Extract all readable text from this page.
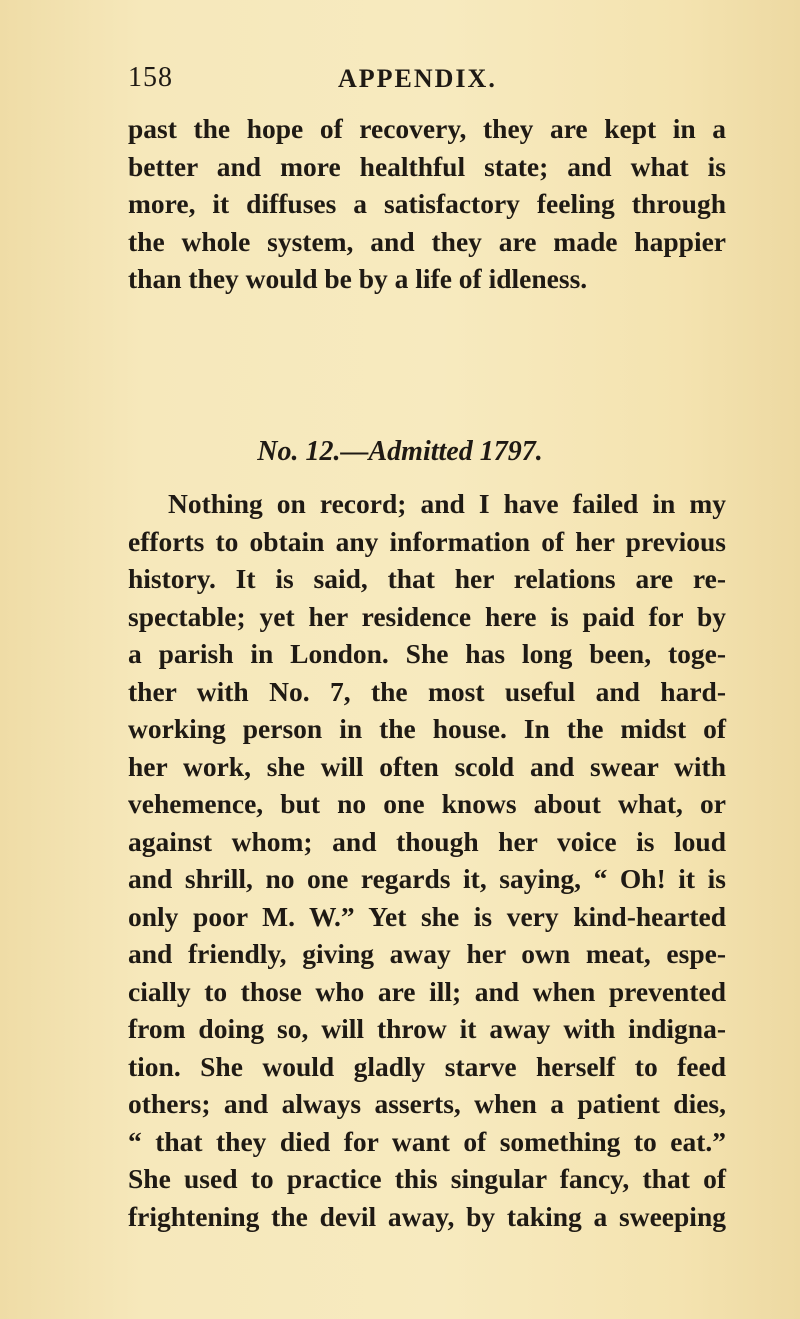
158	APPENDIX.
past the hope of recovery, they are kept in a
better and more healthful state; and what is
more, it diffuses a satisfactory feeling through
the whole system, and they are made happier
than they would be by a life of idleness.
No. 12.—Admitted 1797.
Nothing on record; and I have failed in my
efforts to obtain any information of her previous
history. It is said, that her relations are re-
spectable; yet her residence here is paid for by
a parish in London. She has long been, toge-
ther with No. 7, the most useful and hard-
working person in the house. In the midst of
her work, she will often scold and swear with
vehemence, but no one knows about what, or
against whom; and though her voice is loud
and shrill, no one regards it, saying, “ Oh! it is
only poor M. W.” Yet she is very kind-hearted
and friendly, giving away her own meat, espe-
cially to those who are ill; and when prevented
from doing so, will throw it away with indigna-
tion. She would gladly starve herself to feed
others; and always asserts, when a patient dies,
“ that they died for want of something to eat.”
She used to practice this singular fancy, that of
frightening the devil away, by taking a sweeping
